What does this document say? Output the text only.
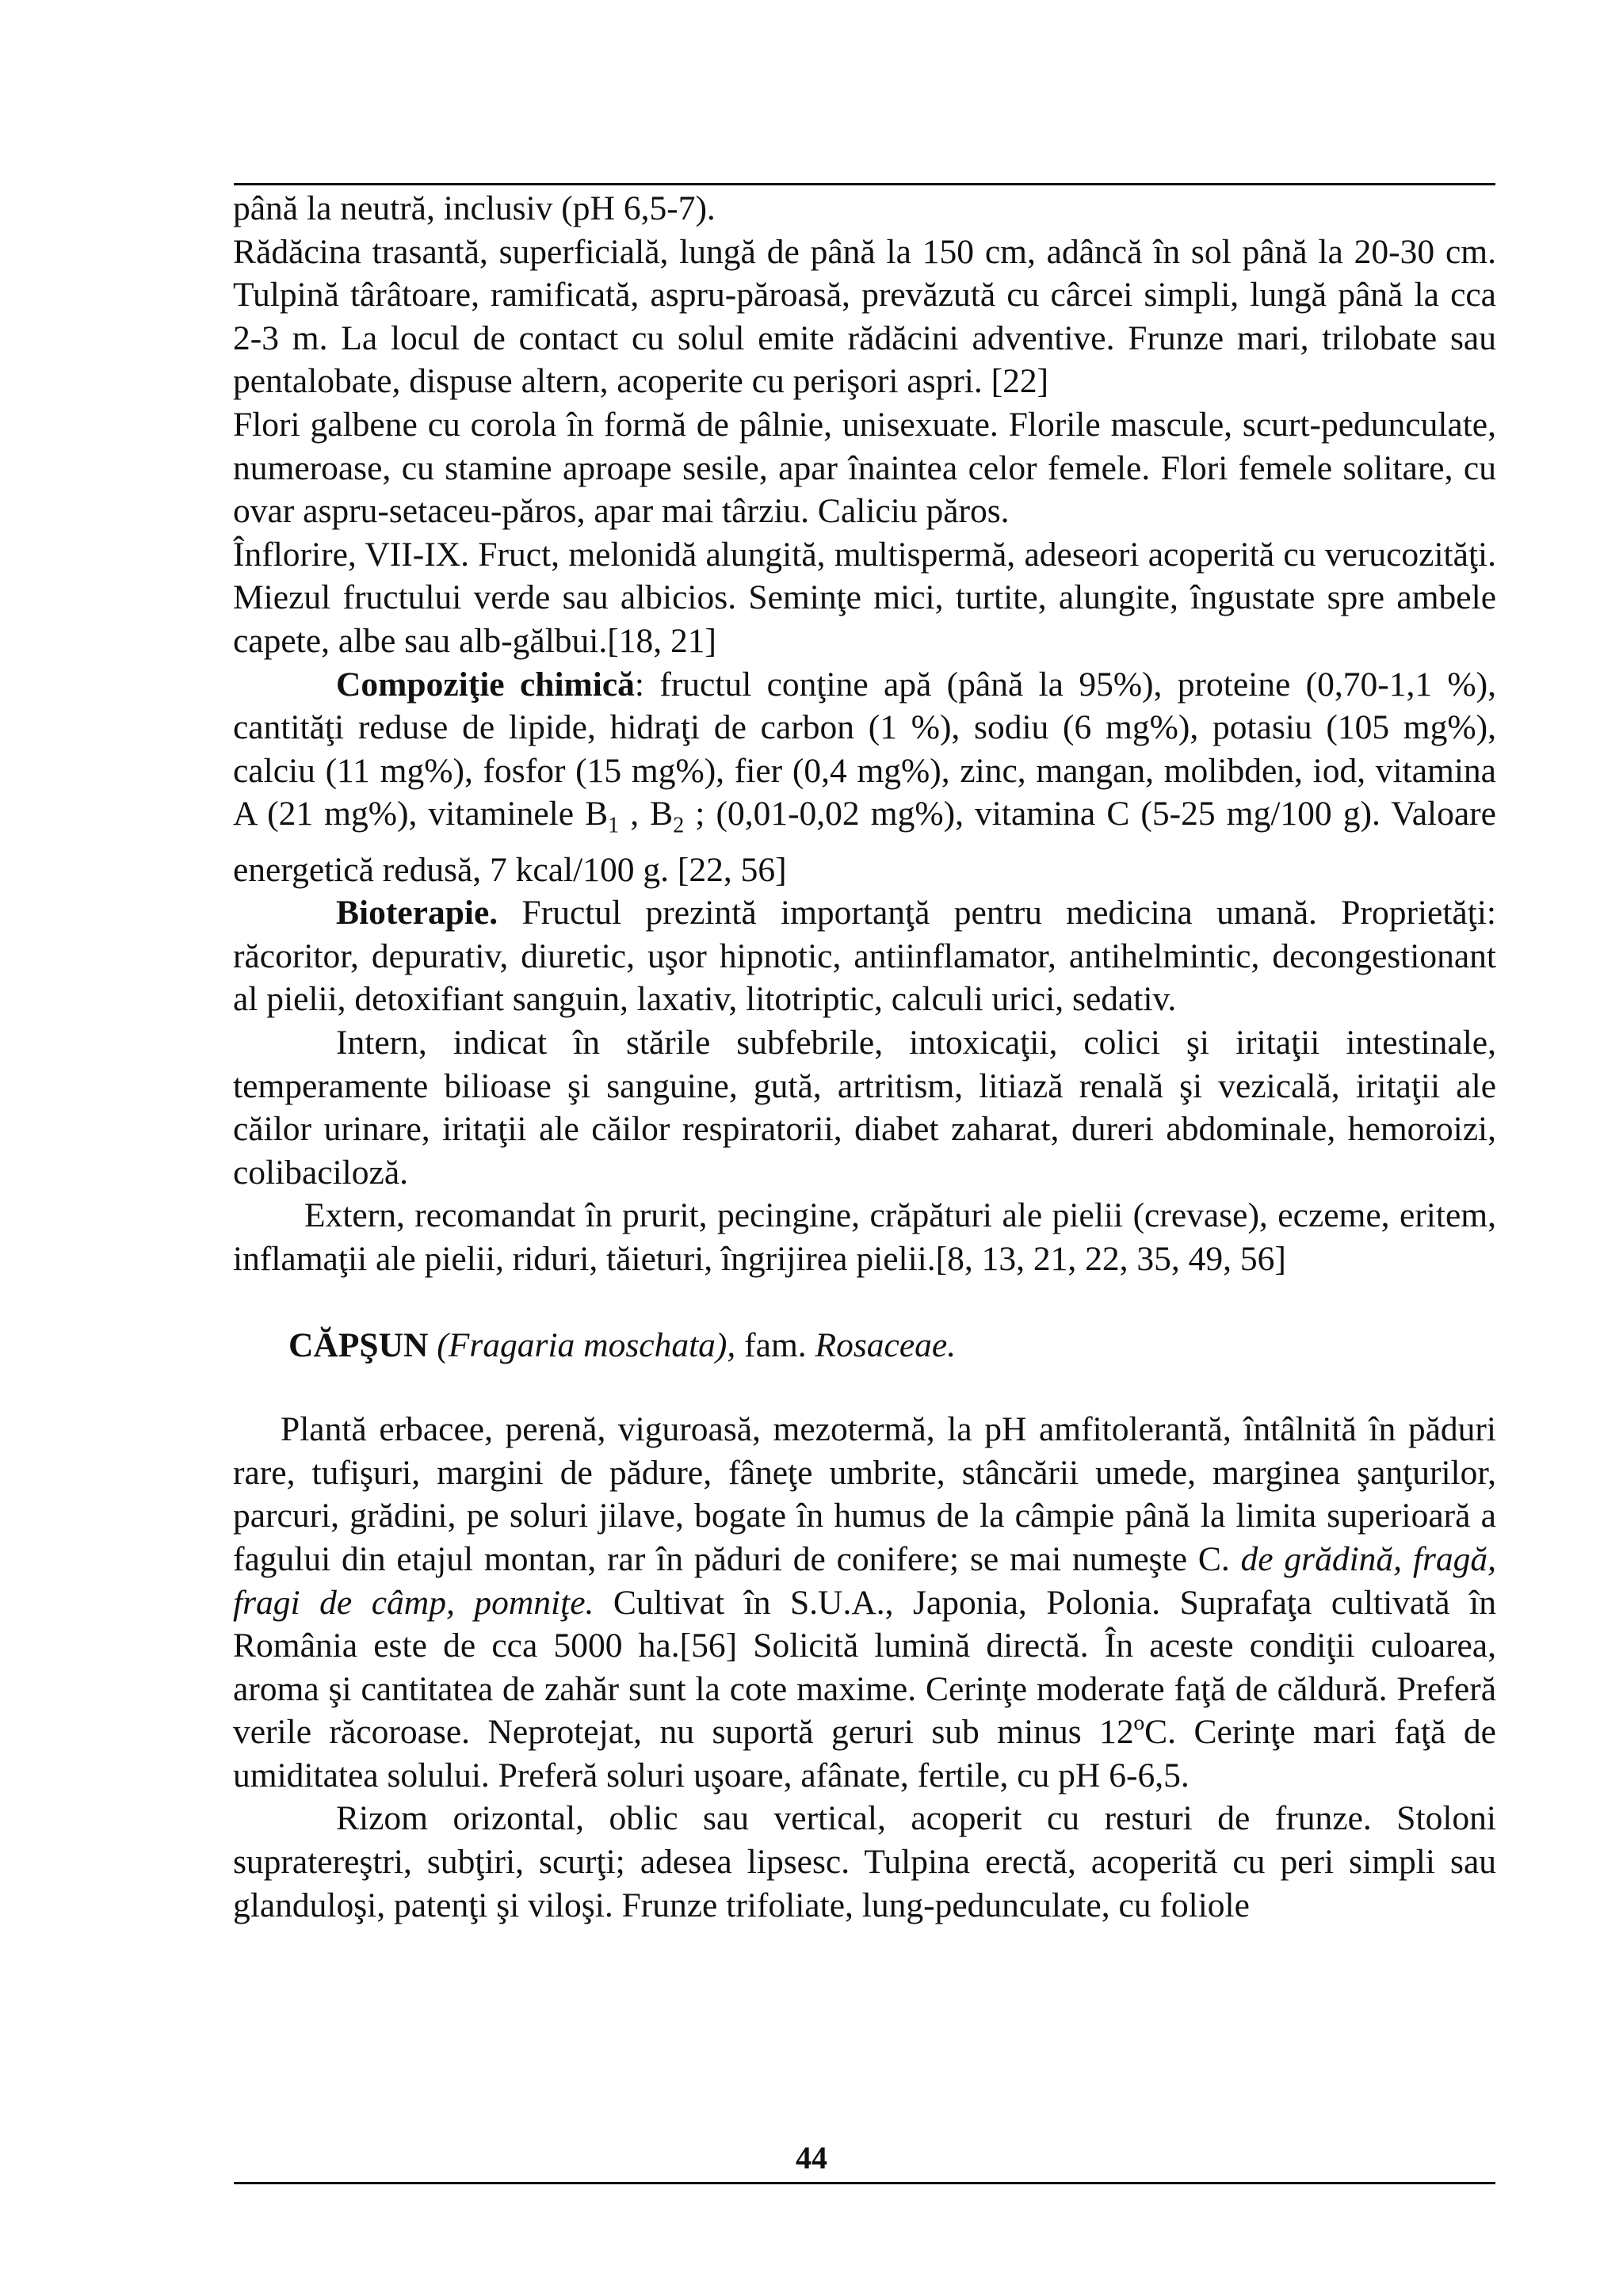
până la neutră, inclusiv (pH 6,5-7).

Rădăcina trasantă, superficială, lungă de până la 150 cm, adâncă în sol până la 20-30 cm. Tulpină târâtoare, ramificată, aspru-păroasă, prevăzută cu cârcei simpli, lungă până la cca 2-3 m. La locul de contact cu solul emite rădăcini adventive. Frunze mari, trilobate sau pentalobate, dispuse altern, acoperite cu perişori aspri. [22]

Flori galbene cu corola în formă de pâlnie, unisexuate. Florile mascule, scurt-pedunculate, numeroase, cu stamine aproape sesile, apar înaintea celor femele. Flori femele solitare, cu ovar aspru-setaceu-păros, apar mai târziu. Caliciu păros.

Înflorire, VII-IX. Fruct, melonidă alungită, multispermă, adeseori acoperită cu verucozităţi. Miezul fructului verde sau albicios. Seminţe mici, turtite, alungite, îngustate spre ambele capete, albe sau alb-gălbui.[18, 21]

Compoziţie chimică: fructul conţine apă (până la 95%), proteine (0,70-1,1 %), cantităţi reduse de lipide, hidraţi de carbon (1 %), sodiu (6 mg%), potasiu (105 mg%), calciu (11 mg%), fosfor (15 mg%), fier (0,4 mg%), zinc, mangan, molibden, iod, vitamina A (21 mg%), vitaminele $B_1$ , $B_2$ ; (0,01-0,02 mg%), vitamina C (5-25 mg/100 g). Valoare energetică redusă, 7 kcal/100 g. [22, 56]

Bioterapie. Fructul prezintă importanţă pentru medicina umană. Proprietăţi: răcoritor, depurativ, diuretic, uşor hipnotic, antiinflamator, antihelmintic, decongestionant al pielii, detoxifiant sanguin, laxativ, litotriptic, calculi urici, sedativ.

Intern, indicat în stările subfebrile, intoxicaţii, colici şi iritaţii intestinale, temperamente bilioase şi sanguine, gută, artritism, litiază renală şi vezicală, iritaţii ale căilor urinare, iritaţii ale căilor respiratorii, diabet zaharat, dureri abdominale, hemoroizi, colibaciloză.

Extern, recomandat în prurit, pecingine, crăpături ale pielii (crevase), eczeme, eritem, inflamaţii ale pielii, riduri, tăieturi, îngrijirea pielii.[8, 13, 21, 22, 35, 49, 56]

CĂPŞUN (Fragaria moschata), fam. Rosaceae.

Plantă erbacee, perenă, viguroasă, mezotermă, la pH amfitolerantă, întâlnită în păduri rare, tufişuri, margini de pădure, fâneţe umbrite, stâncării umede, marginea şanţurilor, parcuri, grădini, pe soluri jilave, bogate în humus de la câmpie până la limita superioară a fagului din etajul montan, rar în păduri de conifere; se mai numeşte C. de grădină, fragă, fragi de câmp, pomniţe. Cultivat în S.U.A., Japonia, Polonia. Suprafaţa cultivată în România este de cca 5000 ha.[56] Solicită lumină directă. În aceste condiţii culoarea, aroma şi cantitatea de zahăr sunt la cote maxime. Cerinţe moderate faţă de căldură. Preferă verile răcoroase. Neprotejat, nu suportă geruri sub minus 12ºC. Cerinţe mari faţă de umiditatea solului. Preferă soluri uşoare, afânate, fertile, cu pH 6-6,5.

Rizom orizontal, oblic sau vertical, acoperit cu resturi de frunze. Stoloni supratereştri, subţiri, scurţi; adesea lipsesc. Tulpina erectă, acoperită cu peri simpli sau glanduloşi, patenţi şi viloşi. Frunze trifoliate, lung-pedunculate, cu foliole

44
